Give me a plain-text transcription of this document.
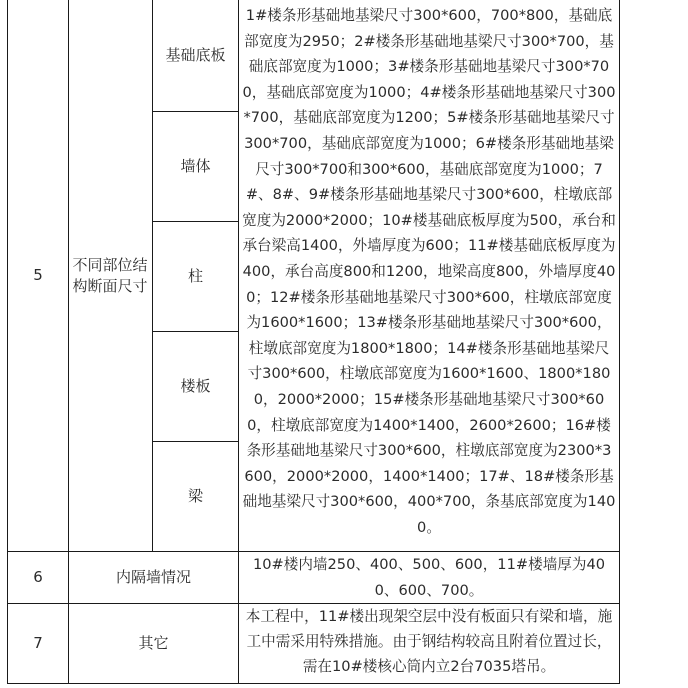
5
不同部位结构断面尺寸
基础底板
墙体
柱
楼板
梁
1#楼条形基础地基梁尺寸300*600，700*800，基础底部宽度为2950；2#楼条形基础地基梁尺寸300*700，基础底部宽度为1000；3#楼条形基础地基梁尺寸300*700，基础底部宽度为1000；4#楼条形基础地基梁尺寸300*700，基础底部宽度为1200；5#楼条形基础地基梁尺寸300*700，基础底部宽度为1000；6#楼条形基础地基梁尺寸300*700和300*600，基础底部宽度为1000；7#、8#、9#楼条形基础地基梁尺寸300*600，柱墩底部宽度为2000*2000；10#楼基础底板厚度为500，承台和承台梁高1400，外墙厚度为600；11#楼基础底板厚度为400，承台高度800和1200，地梁高度800，外墙厚度400；12#楼条形基础地基梁尺寸300*600，柱墩底部宽度为1600*1600；13#楼条形基础地基梁尺寸300*600，柱墩底部宽度为1800*1800；14#楼条形基础地基梁尺寸300*600，柱墩底部宽度为1600*1600、1800*1800，2000*2000；15#楼条形基础地基梁尺寸300*600，柱墩底部宽度为1400*1400，2600*2600；16#楼条形基础地基梁尺寸300*600，柱墩底部宽度为2300*3600，2000*2000，1400*1400；17#、18#楼条形基础地基梁尺寸300*600，400*700，条基底部宽度为1400。
6	内隔墙情况
10#楼内墙250、400、500、600，11#楼墙厚为400、600、700。
7	其它
本工程中，11#楼出现架空层中没有板面只有梁和墙，施工中需采用特殊措施。由于钢结构较高且附着位置过长，需在10#楼核心筒内立2台7035塔吊。
